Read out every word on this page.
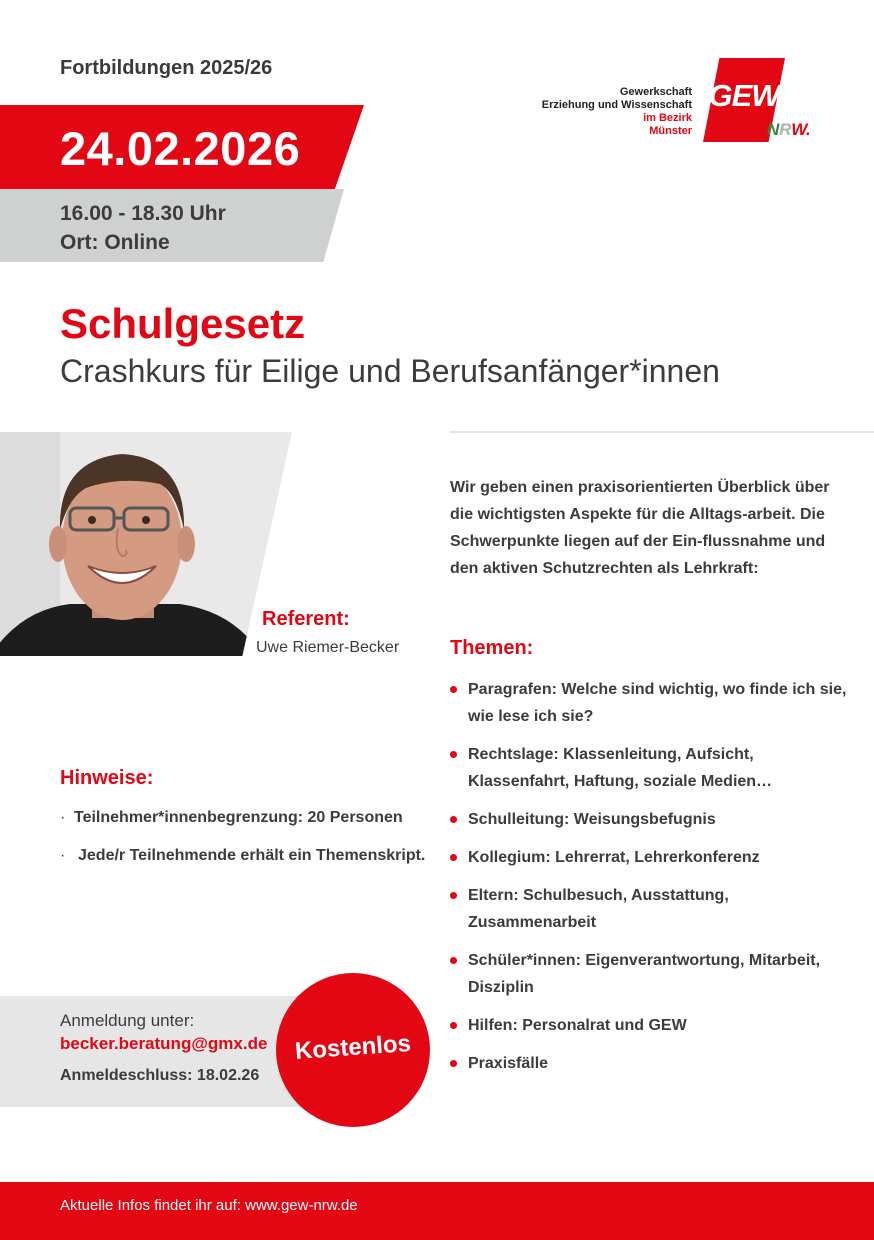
Fortbildungen 2025/26
Gewerkschaft
Erziehung und Wissenschaft
im Bezirk
Münster
GEW
NRW.
24.02.2026
16.00 - 18.30 Uhr
Ort: Online
Schulgesetz
Crashkurs für Eilige und Berufsanfänger*innen
Referent:
Uwe Riemer-Becker
Wir geben einen praxisorientierten Überblick über die wichtigsten Aspekte für die Alltags-arbeit. Die Schwerpunkte liegen auf der Ein-flussnahme und den aktiven Schutzrechten als Lehrkraft:
Themen:
Paragrafen: Welche sind wichtig, wo finde ich sie, wie lese ich sie?
Rechtslage: Klassenleitung, Aufsicht, Klassenfahrt, Haftung, soziale Medien…
Schulleitung: Weisungsbefugnis
Kollegium: Lehrerrat, Lehrerkonferenz
Eltern: Schulbesuch, Ausstattung, Zusammenarbeit
Schüler*innen: Eigenverantwortung, Mitarbeit, Disziplin
Hilfen: Personalrat und GEW
Praxisfälle
Hinweise:
· Teilnehmer*innenbegrenzung: 20 Personen
· Jede/r Teilnehmende erhält ein Themenskript.
Anmeldung unter:
becker.beratung@gmx.de
Anmeldeschluss: 18.02.26
Kostenlos
Aktuelle Infos findet ihr auf: www.gew-nrw.de
